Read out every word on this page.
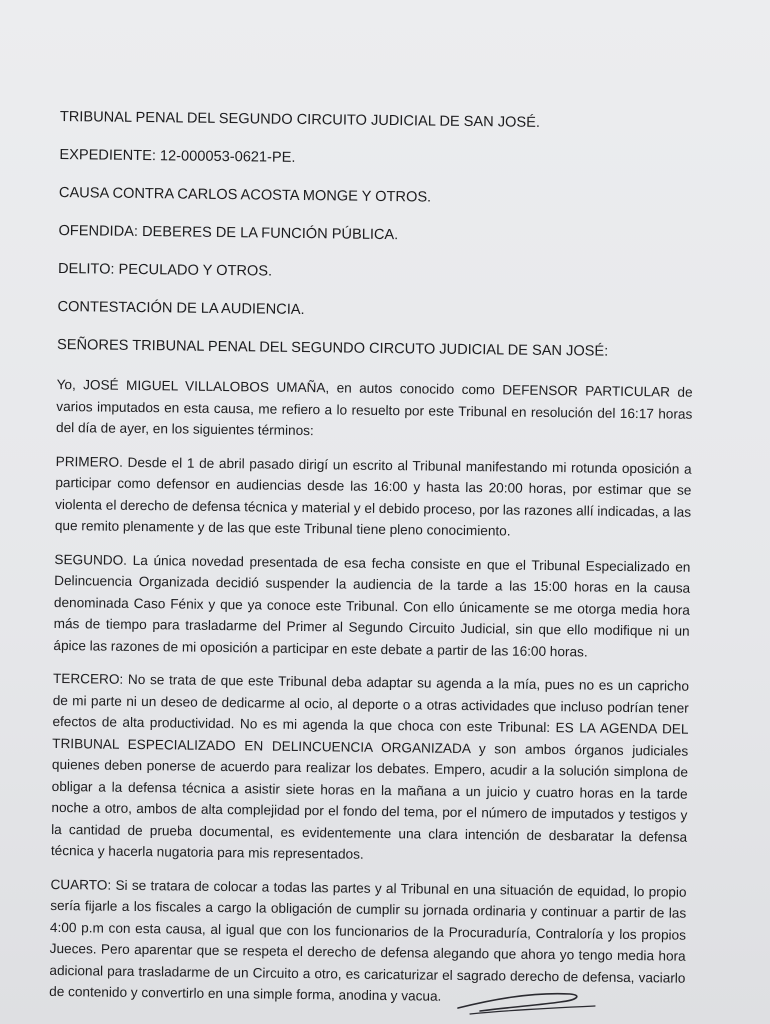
TRIBUNAL PENAL DEL SEGUNDO CIRCUITO JUDICIAL DE SAN JOSÉ.
EXPEDIENTE: 12-000053-0621-PE.
CAUSA CONTRA CARLOS ACOSTA MONGE Y OTROS.
OFENDIDA: DEBERES DE LA FUNCIÓN PÚBLICA.
DELITO: PECULADO Y OTROS.
CONTESTACIÓN DE LA AUDIENCIA.
SEÑORES TRIBUNAL PENAL DEL SEGUNDO CIRCUTO JUDICIAL DE SAN JOSÉ:

Yo, JOSÉ MIGUEL VILLALOBOS UMAÑA, en autos conocido como DEFENSOR PARTICULAR de varios imputados en esta causa, me refiero a lo resuelto por este Tribunal en resolución del 16:17 horas del día de ayer, en los siguientes términos:

PRIMERO. Desde el 1 de abril pasado dirigí un escrito al Tribunal manifestando mi rotunda oposición a participar como defensor en audiencias desde las 16:00 y hasta las 20:00 horas, por estimar que se violenta el derecho de defensa técnica y material y el debido proceso, por las razones allí indicadas, a las que remito plenamente y de las que este Tribunal tiene pleno conocimiento.

SEGUNDO. La única novedad presentada de esa fecha consiste en que el Tribunal Especializado en Delincuencia Organizada decidió suspender la audiencia de la tarde a las 15:00 horas en la causa denominada Caso Fénix y que ya conoce este Tribunal. Con ello únicamente se me otorga media hora más de tiempo para trasladarme del Primer al Segundo Circuito Judicial, sin que ello modifique ni un ápice las razones de mi oposición a participar en este debate a partir de las 16:00 horas.

TERCERO: No se trata de que este Tribunal deba adaptar su agenda a la mía, pues no es un capricho de mi parte ni un deseo de dedicarme al ocio, al deporte o a otras actividades que incluso podrían tener efectos de alta productividad. No es mi agenda la que choca con este Tribunal: ES LA AGENDA DEL TRIBUNAL ESPECIALIZADO EN DELINCUENCIA ORGANIZADA y son ambos órganos judiciales quienes deben ponerse de acuerdo para realizar los debates. Empero, acudir a la solución simplona de obligar a la defensa técnica a asistir siete horas en la mañana a un juicio y cuatro horas en la tarde noche a otro, ambos de alta complejidad por el fondo del tema, por el número de imputados y testigos y la cantidad de prueba documental, es evidentemente una clara intención de desbaratar la defensa técnica y hacerla nugatoria para mis representados.

CUARTO: Si se tratara de colocar a todas las partes y al Tribunal en una situación de equidad, lo propio sería fijarle a los fiscales a cargo la obligación de cumplir su jornada ordinaria y continuar a partir de las 4:00 p.m con esta causa, al igual que con los funcionarios de la Procuraduría, Contraloría y los propios Jueces. Pero aparentar que se respeta el derecho de defensa alegando que ahora yo tengo media hora adicional para trasladarme de un Circuito a otro, es caricaturizar el sagrado derecho de defensa, vaciarlo de contenido y convertirlo en una simple forma, anodina y vacua.
